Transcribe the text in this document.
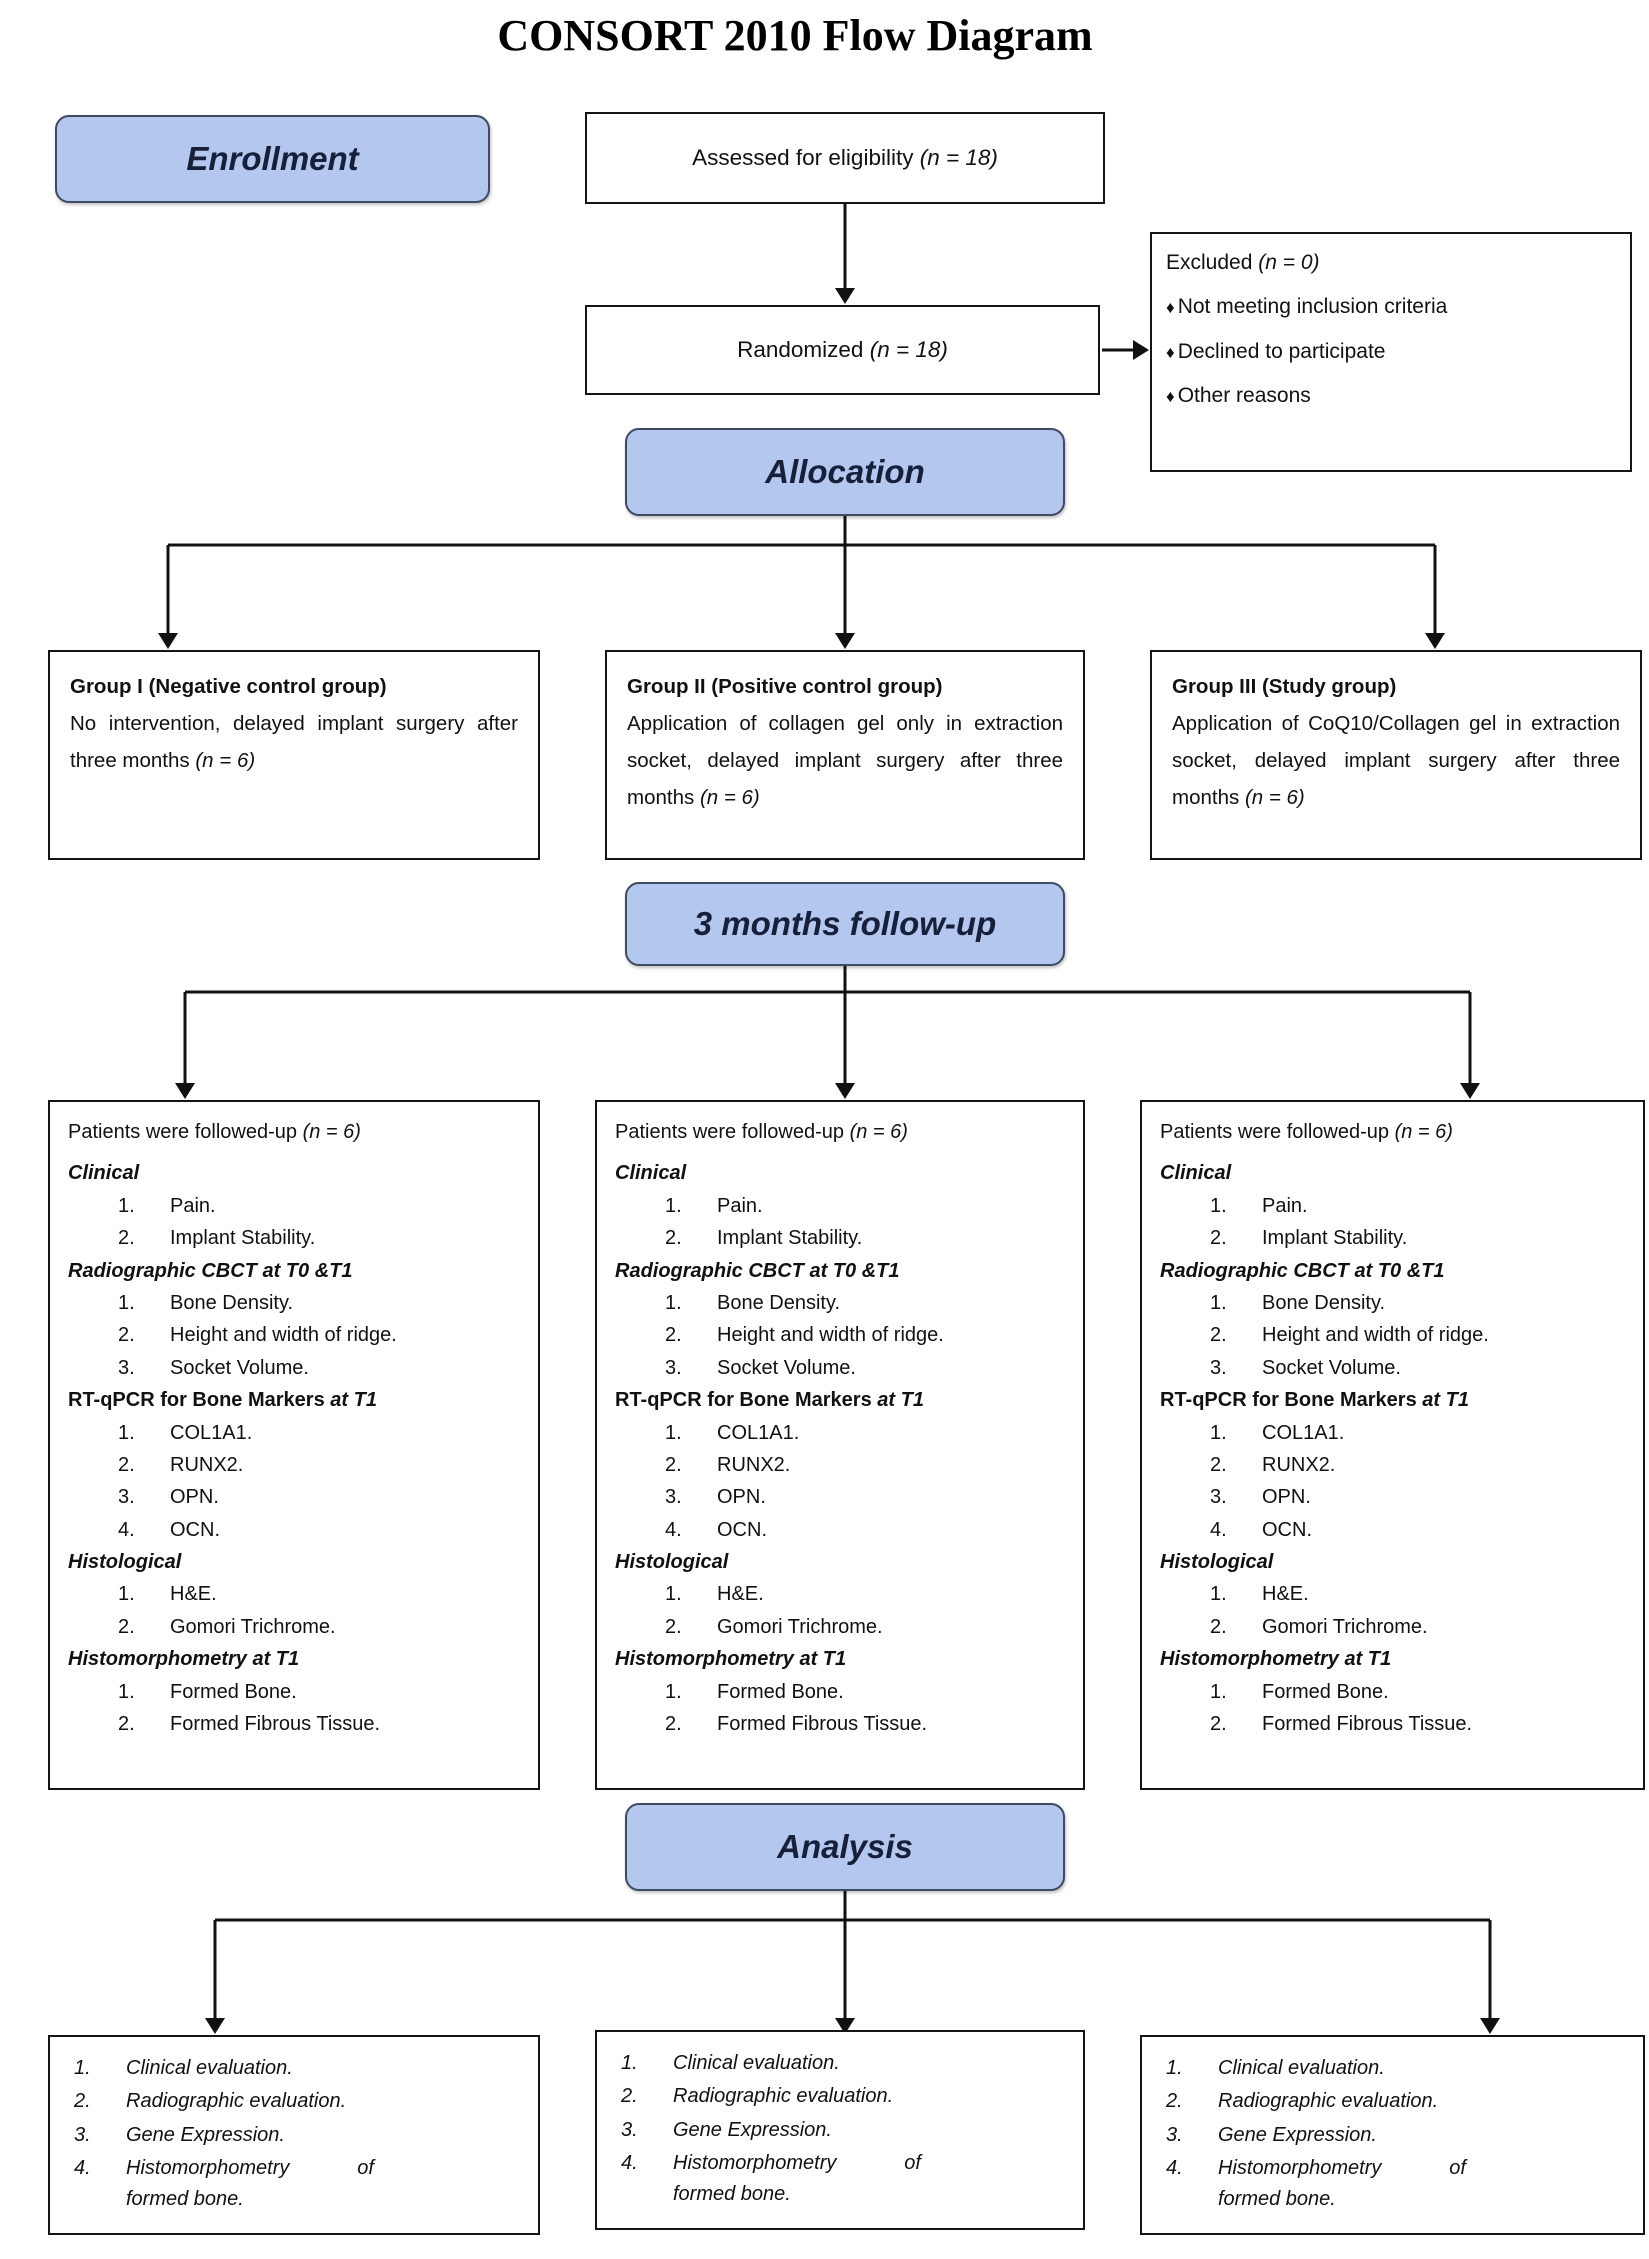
CONSORT 2010 Flow Diagram
Enrollment	Assessed for eligibility (n = 18)
Randomized (n = 18)
Excluded (n = 0)
♦ Not meeting inclusion criteria
♦ Declined to participate
♦ Other reasons
Allocation
Group I (Negative control group)
No intervention, delayed implant surgery after three months (n = 6)
Group II (Positive control group)
Application of collagen gel only in extraction socket, delayed implant surgery after three months (n = 6)
Group III (Study group)
Application of CoQ10/Collagen gel in extraction socket, delayed implant surgery after three months (n = 6)
3 months follow-up
Patients were followed-up (n = 6)
Clinical
Pain.
Implant Stability.
Radiographic CBCT at T0 &T1
Bone Density.
Height and width of ridge.
Socket Volume.
RT-qPCR for Bone Markers at T1
COL1A1.
RUNX2.
OPN.
OCN.
Histological
H&E.
Gomori Trichrome.
Histomorphometry at T1
Formed Bone.
Formed Fibrous Tissue.
Patients were followed-up (n = 6)
Clinical
Pain.
Implant Stability.
Radiographic CBCT at T0 &T1
Bone Density.
Height and width of ridge.
Socket Volume.
RT-qPCR for Bone Markers at T1
COL1A1.
RUNX2.
OPN.
OCN.
Histological
H&E.
Gomori Trichrome.
Histomorphometry at T1
Formed Bone.
Formed Fibrous Tissue.
Patients were followed-up (n = 6)
Clinical
Pain.
Implant Stability.
Radiographic CBCT at T0 &T1
Bone Density.
Height and width of ridge.
Socket Volume.
RT-qPCR for Bone Markers at T1
COL1A1.
RUNX2.
OPN.
OCN.
Histological
H&E.
Gomori Trichrome.
Histomorphometry at T1
Formed Bone.
Formed Fibrous Tissue.
Analysis
Clinical evaluation.
Radiographic evaluation.
Gene Expression.
Histomorphometry of formed bone.
Clinical evaluation.
Radiographic evaluation.
Gene Expression.
Histomorphometry of formed bone.
Clinical evaluation.
Radiographic evaluation.
Gene Expression.
Histomorphometry of formed bone.
